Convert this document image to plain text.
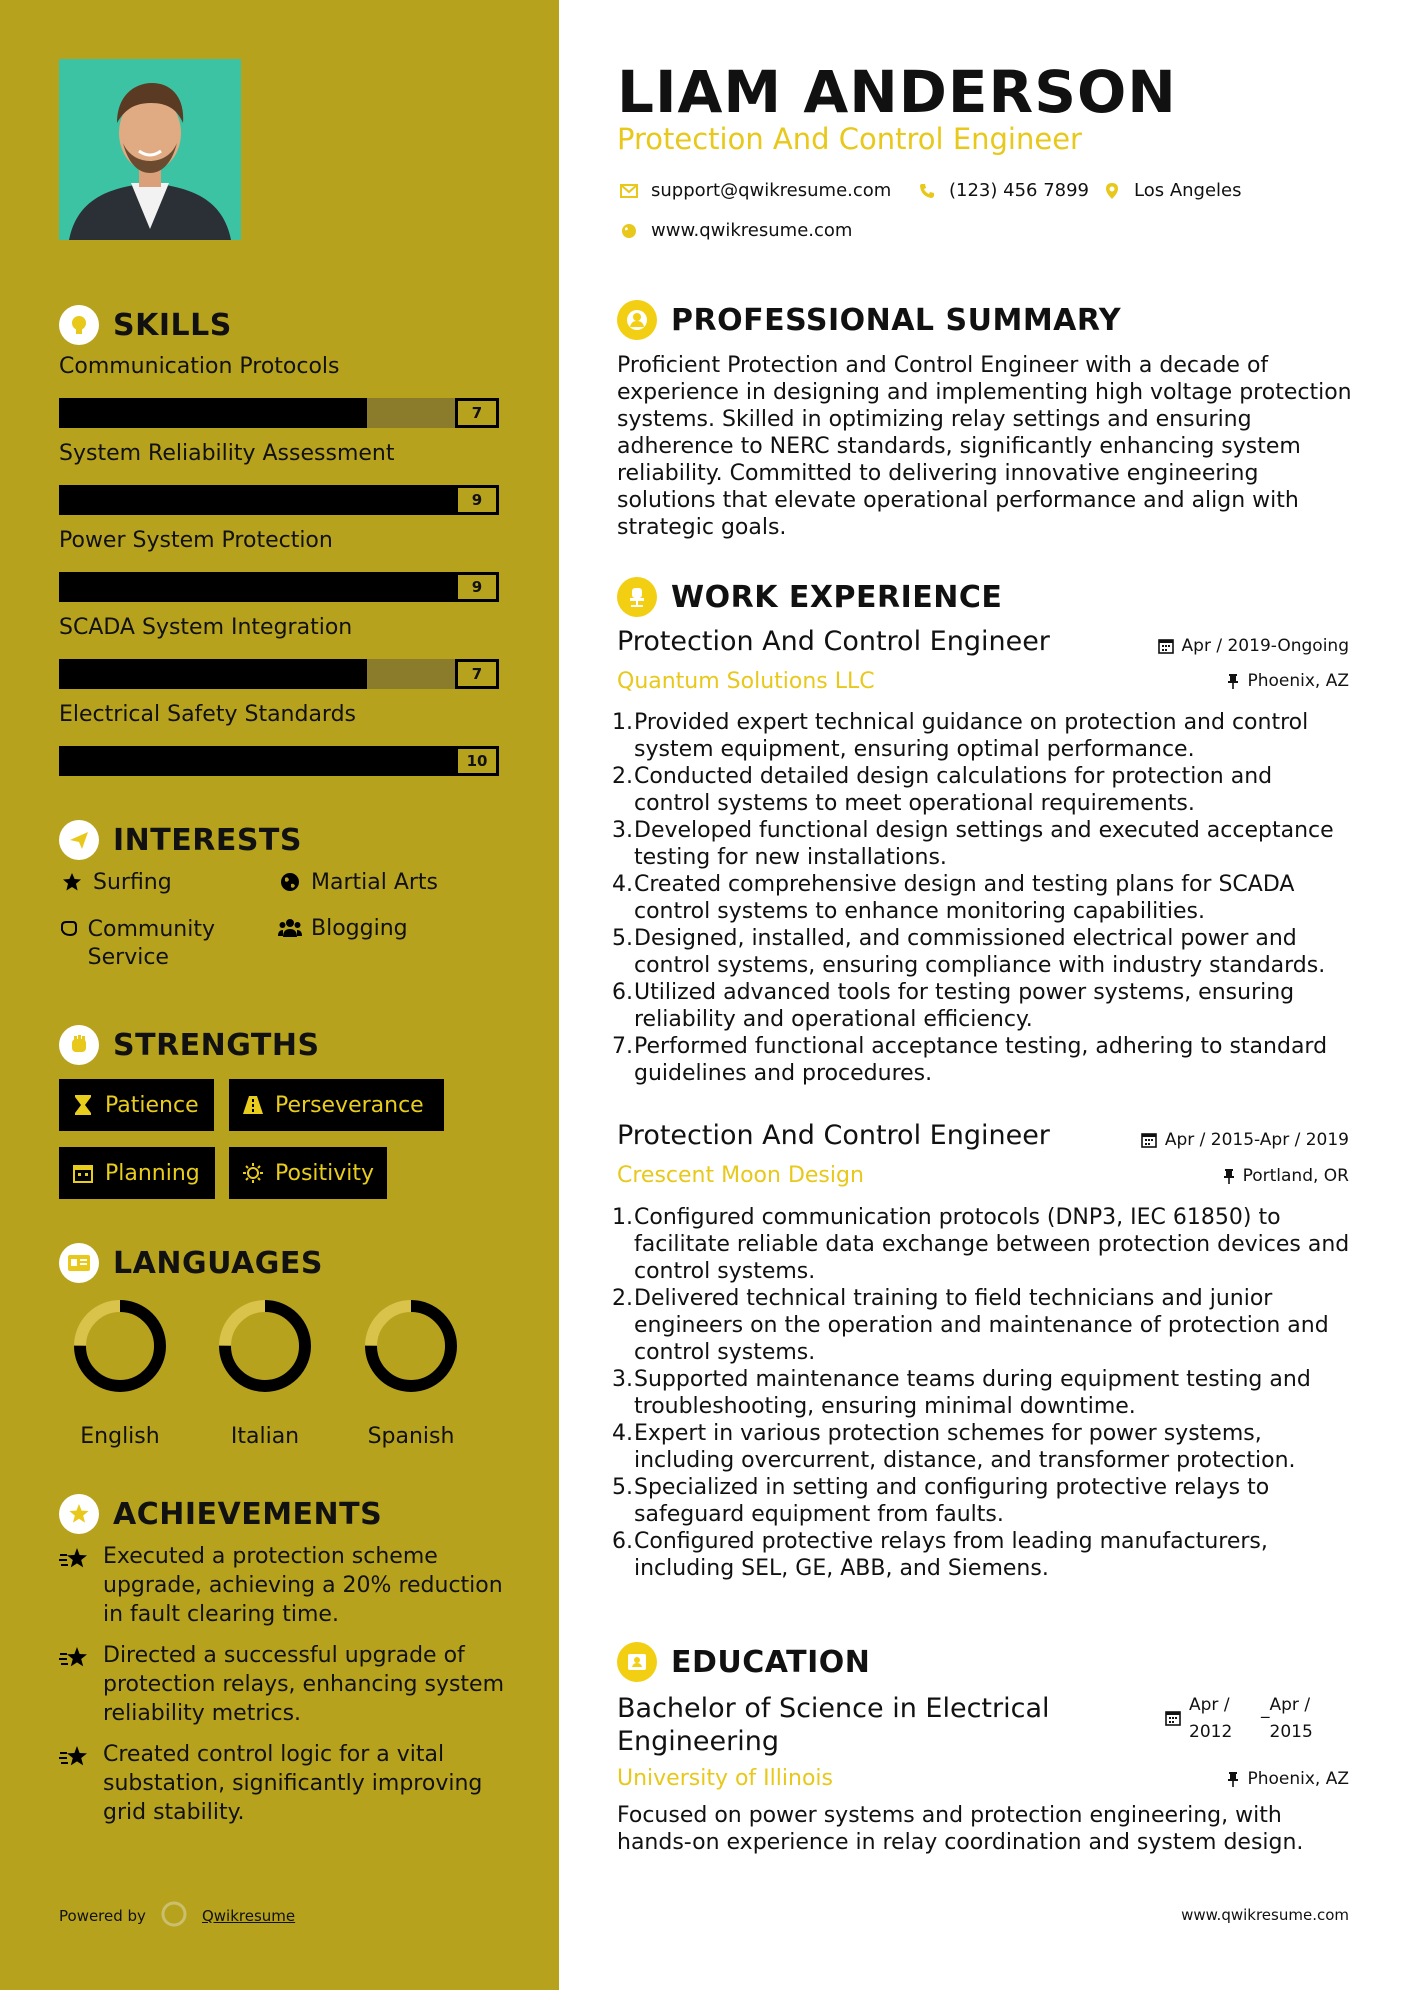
SKILLS
Communication Protocols
7
System Reliability Assessment
9
Power System Protection
9
SCADA System Integration
7
Electrical Safety Standards
10
INTERESTS
Surfing	Martial Arts
Community Service
Blogging
STRENGTHS
Patience	Perseverance
Planning	Positivity
LANGUAGES
English	Italian	Spanish
ACHIEVEMENTS
Executed a protection scheme upgrade, achieving a 20% reduction in fault clearing time.
Directed a successful upgrade of protection relays, enhancing system reliability metrics.
Created control logic for a vital substation, significantly improving grid stability.
Powered by	Qwikresume
LIAM ANDERSON
Protection And Control Engineer
support@qwikresume.com	(123) 456 7899 Los Angeles
www.qwikresume.com
PROFESSIONAL SUMMARY
Proficient Protection and Control Engineer with a decade of experience in designing and implementing high voltage protection systems. Skilled in optimizing relay settings and ensuring adherence to NERC standards, significantly enhancing system reliability. Committed to delivering innovative engineering solutions that elevate operational performance and align with strategic goals.
WORK EXPERIENCE
Protection And Control Engineer	Apr / 2019-Ongoing
Quantum Solutions LLC	Phoenix, AZ
1. Provided expert technical guidance on protection and control system equipment, ensuring optimal performance.
2. Conducted detailed design calculations for protection and control systems to meet operational requirements.
3. Developed functional design settings and executed acceptance testing for new installations.
4. Created comprehensive design and testing plans for SCADA control systems to enhance monitoring capabilities.
5. Designed, installed, and commissioned electrical power and control systems, ensuring compliance with industry standards.
6. Utilized advanced tools for testing power systems, ensuring reliability and operational efficiency.
7. Performed functional acceptance testing, adhering to standard guidelines and procedures.
Protection And Control Engineer	Apr / 2015-Apr / 2019
Crescent Moon Design	Portland, OR
1. Configured communication protocols (DNP3, IEC 61850) to facilitate reliable data exchange between protection devices and control systems.
2. Delivered technical training to field technicians and junior engineers on the operation and maintenance of protection and control systems.
3. Supported maintenance teams during equipment testing and troubleshooting, ensuring minimal downtime.
4. Expert in various protection schemes for power systems, including overcurrent, distance, and transformer protection.
5. Specialized in setting and configuring protective relays to safeguard equipment from faults.
6. Configured protective relays from leading manufacturers, including SEL, GE, ABB, and Siemens.
EDUCATION
Bachelor of Science in Electrical Engineering
Apr /
2012
_ Apr /
2015
University of Illinois	Phoenix, AZ
Focused on power systems and protection engineering, with hands-on experience in relay coordination and system design.
www.qwikresume.com
